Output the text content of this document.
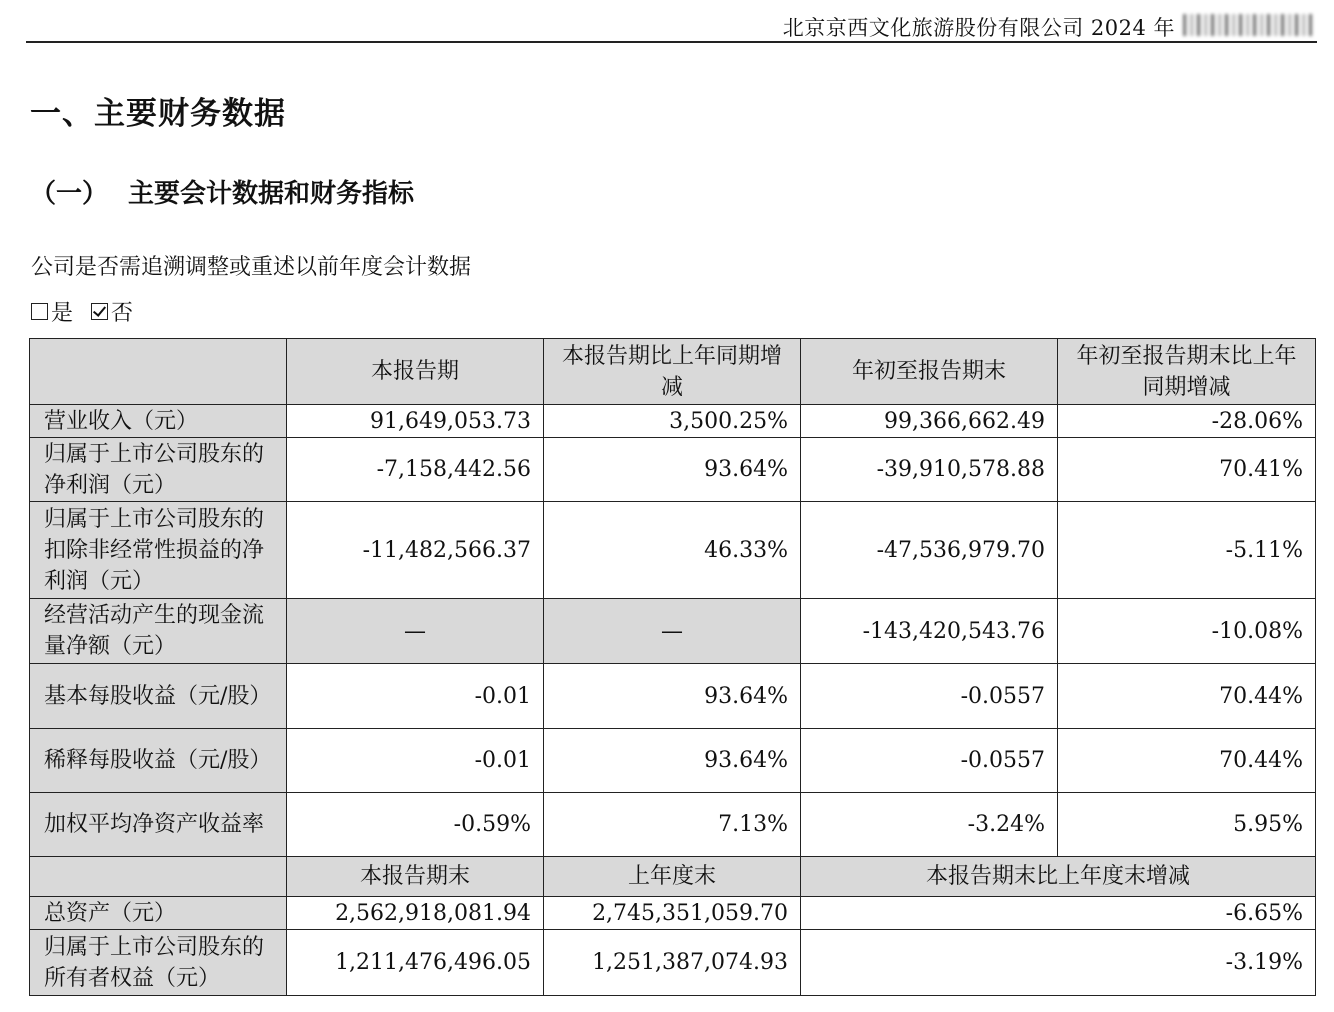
北京京西文化旅游股份有限公司 2024 年
一、主要财务数据
（一） 主要会计数据和财务指标
公司是否需追溯调整或重述以前年度会计数据
是 否
	本报告期	本报告期比上年同期增减	年初至报告期末	年初至报告期末比上年同期增减
营业收入（元）	91,649,053.73	3,500.25%	99,366,662.49	-28.06%
归属于上市公司股东的净利润（元）	-7,158,442.56	93.64%	-39,910,578.88	70.41%
归属于上市公司股东的扣除非经常性损益的净利润（元）	-11,482,566.37	46.33%	-47,536,979.70	-5.11%
经营活动产生的现金流量净额（元）	—	—	-143,420,543.76	-10.08%
基本每股收益（元/股）	-0.01	93.64%	-0.0557	70.44%
稀释每股收益（元/股）	-0.01	93.64%	-0.0557	70.44%
加权平均净资产收益率	-0.59%	7.13%	-3.24%	5.95%
	本报告期末	上年度末	本报告期末比上年度末增减	
总资产（元）	2,562,918,081.94	2,745,351,059.70	-6.65%	
归属于上市公司股东的所有者权益（元）	1,211,476,496.05	1,251,387,074.93	-3.19%	
